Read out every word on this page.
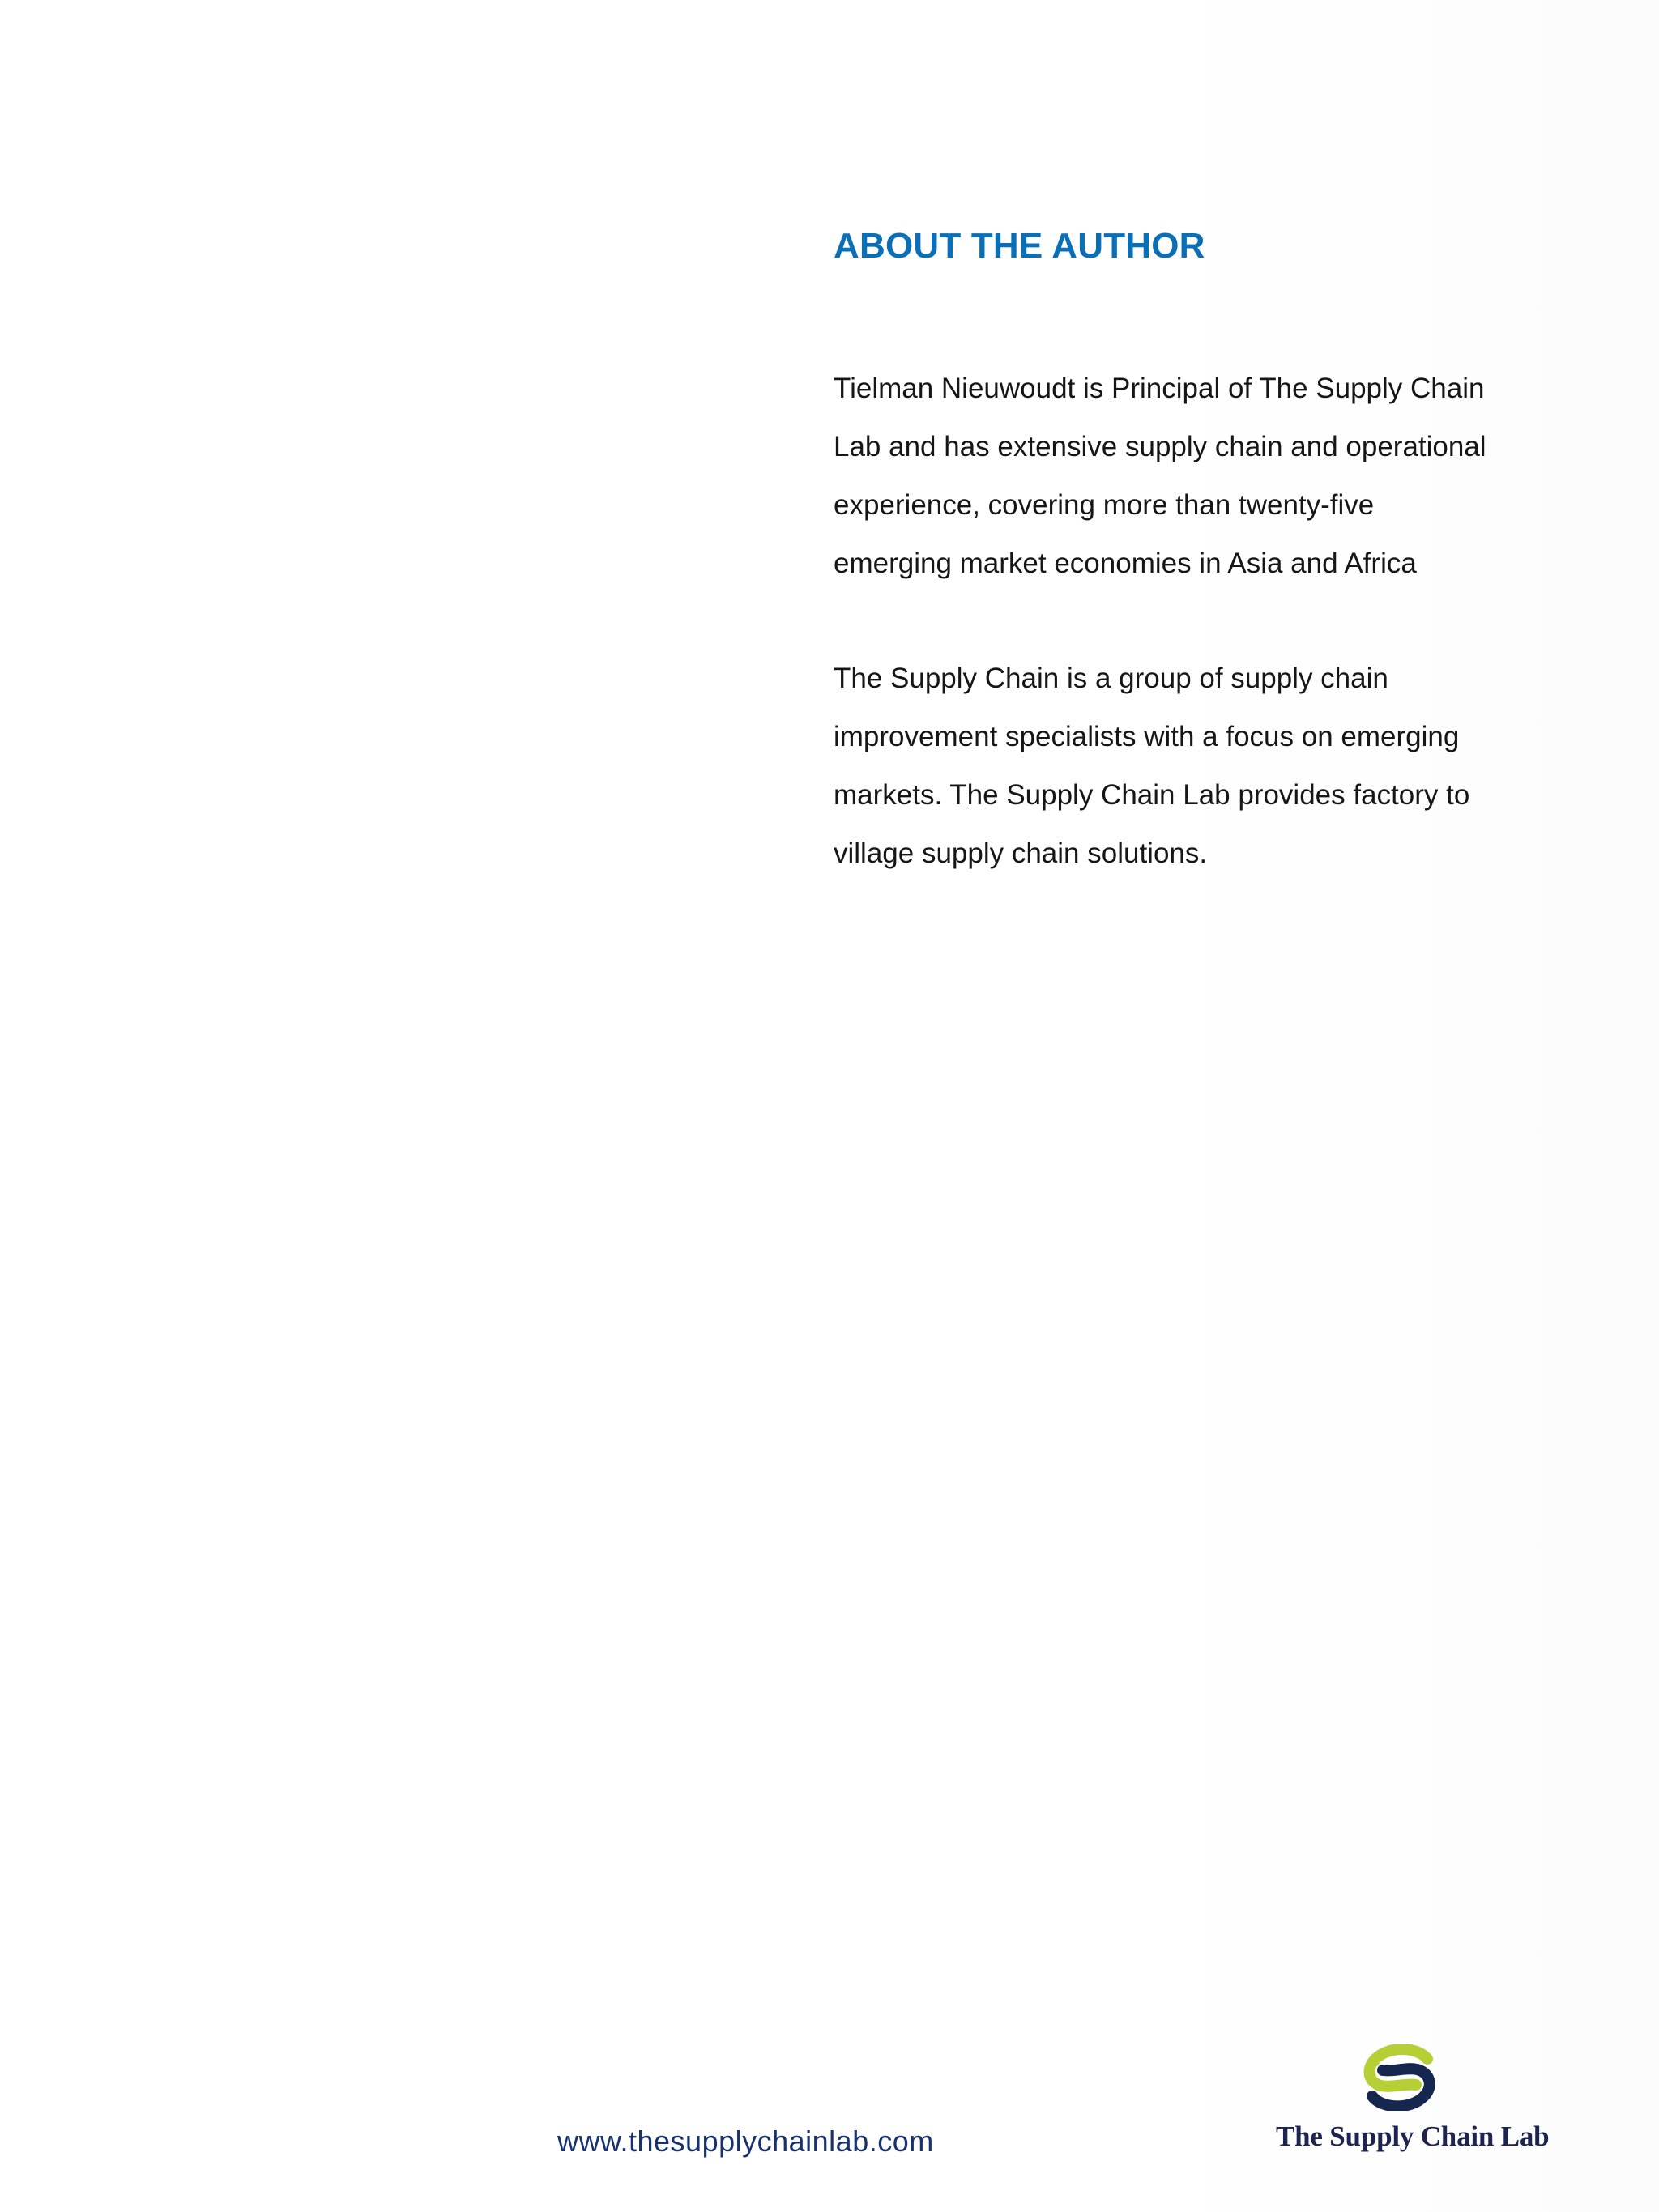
ABOUT THE AUTHOR

Tielman Nieuwoudt is Principal of The Supply Chain
Lab and has extensive supply chain and operational
experience, covering more than twenty-five
emerging market economies in Asia and Africa

The Supply Chain is a group of supply chain
improvement specialists with a focus on emerging
markets. The Supply Chain Lab provides factory to
village supply chain solutions.

www.thesupplychainlab.com	The Supply Chain Lab
